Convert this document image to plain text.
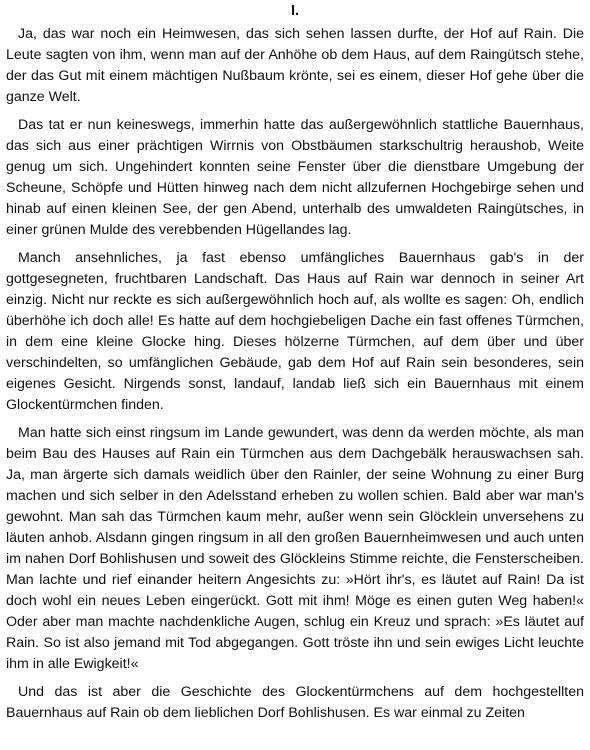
I.

Ja, das war noch ein Heimwesen, das sich sehen lassen durfte, der Hof auf Rain. Die Leute sagten von ihm, wenn man auf der Anhöhe ob dem Haus, auf dem Raingütsch stehe, der das Gut mit einem mächtigen Nußbaum krönte, sei es einem, dieser Hof gehe über die ganze Welt.

Das tat er nun keineswegs, immerhin hatte das außergewöhnlich stattliche Bauernhaus, das sich aus einer prächtigen Wirrnis von Obstbäumen starkschultrig heraushob, Weite genug um sich. Ungehindert konnten seine Fenster über die dienstbare Umgebung der Scheune, Schöpfe und Hütten hinweg nach dem nicht allzufernen Hochgebirge sehen und hinab auf einen kleinen See, der gen Abend, unterhalb des umwaldeten Raingütsches, in einer grünen Mulde des verebbenden Hügellandes lag.

Manch ansehnliches, ja fast ebenso umfängliches Bauernhaus gab's in der gottgesegneten, fruchtbaren Landschaft. Das Haus auf Rain war dennoch in seiner Art einzig. Nicht nur reckte es sich außergewöhnlich hoch auf, als wollte es sagen: Oh, endlich überhöhe ich doch alle! Es hatte auf dem hochgiebeligen Dache ein fast offenes Türmchen, in dem eine kleine Glocke hing. Dieses hölzerne Türmchen, auf dem über und über verschindelten, so umfänglichen Gebäude, gab dem Hof auf Rain sein besonderes, sein eigenes Gesicht. Nirgends sonst, landauf, landab ließ sich ein Bauernhaus mit einem Glockentürmchen finden.

Man hatte sich einst ringsum im Lande gewundert, was denn da werden möchte, als man beim Bau des Hauses auf Rain ein Türmchen aus dem Dachgebälk herauswachsen sah. Ja, man ärgerte sich damals weidlich über den Rainler, der seine Wohnung zu einer Burg machen und sich selber in den Adelsstand erheben zu wollen schien. Bald aber war man's gewohnt. Man sah das Türmchen kaum mehr, außer wenn sein Glöcklein unversehens zu läuten anhob. Alsdann gingen ringsum in all den großen Bauernheimwesen und auch unten im nahen Dorf Bohlishusen und soweit des Glöckleins Stimme reichte, die Fensterscheiben. Man lachte und rief einander heitern Angesichts zu: »Hört ihr's, es läutet auf Rain! Da ist doch wohl ein neues Leben eingerückt. Gott mit ihm! Möge es einen guten Weg haben!« Oder aber man machte nachdenkliche Augen, schlug ein Kreuz und sprach: »Es läutet auf Rain. So ist also jemand mit Tod abgegangen. Gott tröste ihn und sein ewiges Licht leuchte ihm in alle Ewigkeit!«

Und das ist aber die Geschichte des Glockentürmchens auf dem hochgestellten Bauernhaus auf Rain ob dem lieblichen Dorf Bohlishusen. Es war einmal zu Zeiten
